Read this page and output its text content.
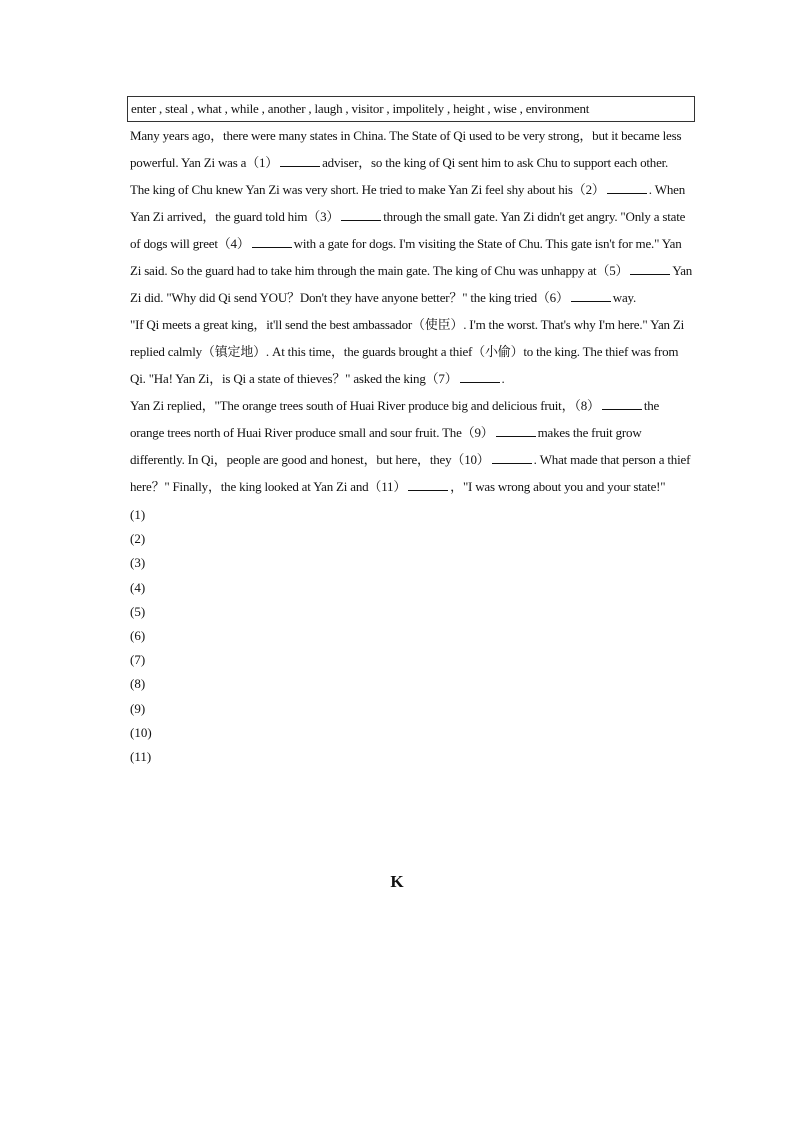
enter , steal , what , while , another , laugh , visitor , impolitely , height , wise , environment

Many years ago，there were many states in China. The State of Qi used to be very strong，but it became less powerful. Yan Zi was a（1）	adviser，so the king of Qi sent him to ask Chu to support each other.

The king of Chu knew Yan Zi was very short. He tried to make Yan Zi feel shy about his（2）	. When Yan Zi arrived，the guard told him（3）	through the small gate. Yan Zi didn't get angry. "Only a state of dogs will greet（4）	with a gate for dogs. I'm visiting the State of Chu. This gate isn't for me." Yan Zi said. So the guard had to take him through the main gate. The king of Chu was unhappy at（5）	Yan Zi did. "Why did Qi send YOU？Don't they have anyone better？" the king tried（6）	way.

"If Qi meets a great king，it'll send the best ambassador（使臣）. I'm the worst. That's why I'm here." Yan Zi replied calmly（镇定地）. At this time，the guards brought a thief（小偷）to the king. The thief was from Qi. "Ha! Yan Zi，is Qi a state of thieves？" asked the king（7）	.

Yan Zi replied，"The orange trees south of Huai River produce big and delicious fruit，（8）	the orange trees north of Huai River produce small and sour fruit. The（9）	makes the fruit grow differently. In Qi，people are good and honest，but here，they（10）	. What made that person a thief here？" Finally，the king looked at Yan Zi and（11）	，"I was wrong about you and your state!"

(1)
(2)
(3)
(4)
(5)
(6)
(7)
(8)
(9)
(10)
(11)
K
